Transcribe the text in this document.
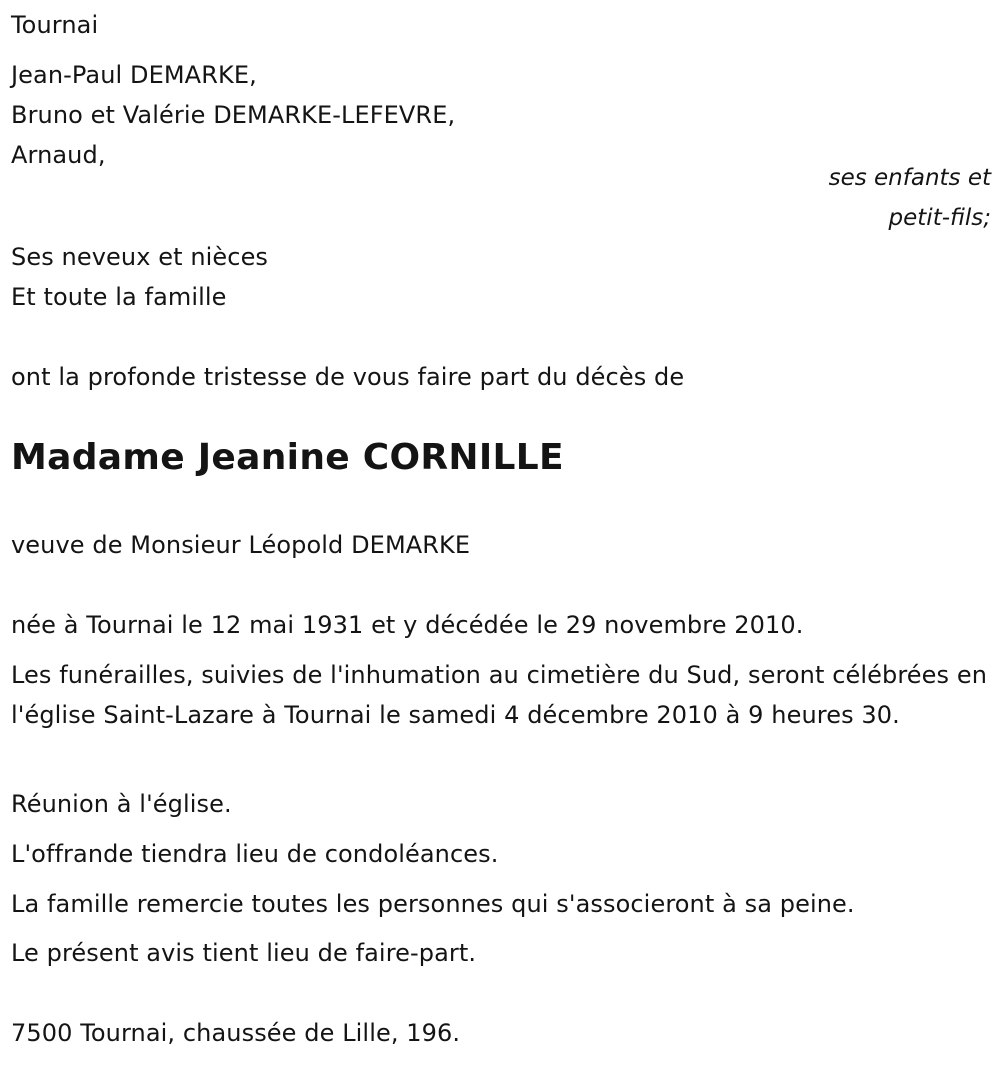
Tournai
Jean-Paul DEMARKE,
Bruno et Valérie DEMARKE-LEFEVRE,
Arnaud,
ses enfants et
petit-fils;
Ses neveux et nièces
Et toute la famille
ont la profonde tristesse de vous faire part du décès de
Madame Jeanine CORNILLE
veuve de Monsieur Léopold DEMARKE
née à Tournai le 12 mai 1931 et y décédée le 29 novembre 2010.
Les funérailles, suivies de l'inhumation au cimetière du Sud, seront célébrées en l'église Saint-Lazare à Tournai le samedi 4 décembre 2010 à 9 heures 30.
Réunion à l'église.
L'offrande tiendra lieu de condoléances.
La famille remercie toutes les personnes qui s'associeront à sa peine.
Le présent avis tient lieu de faire-part.
7500 Tournai, chaussée de Lille, 196.
